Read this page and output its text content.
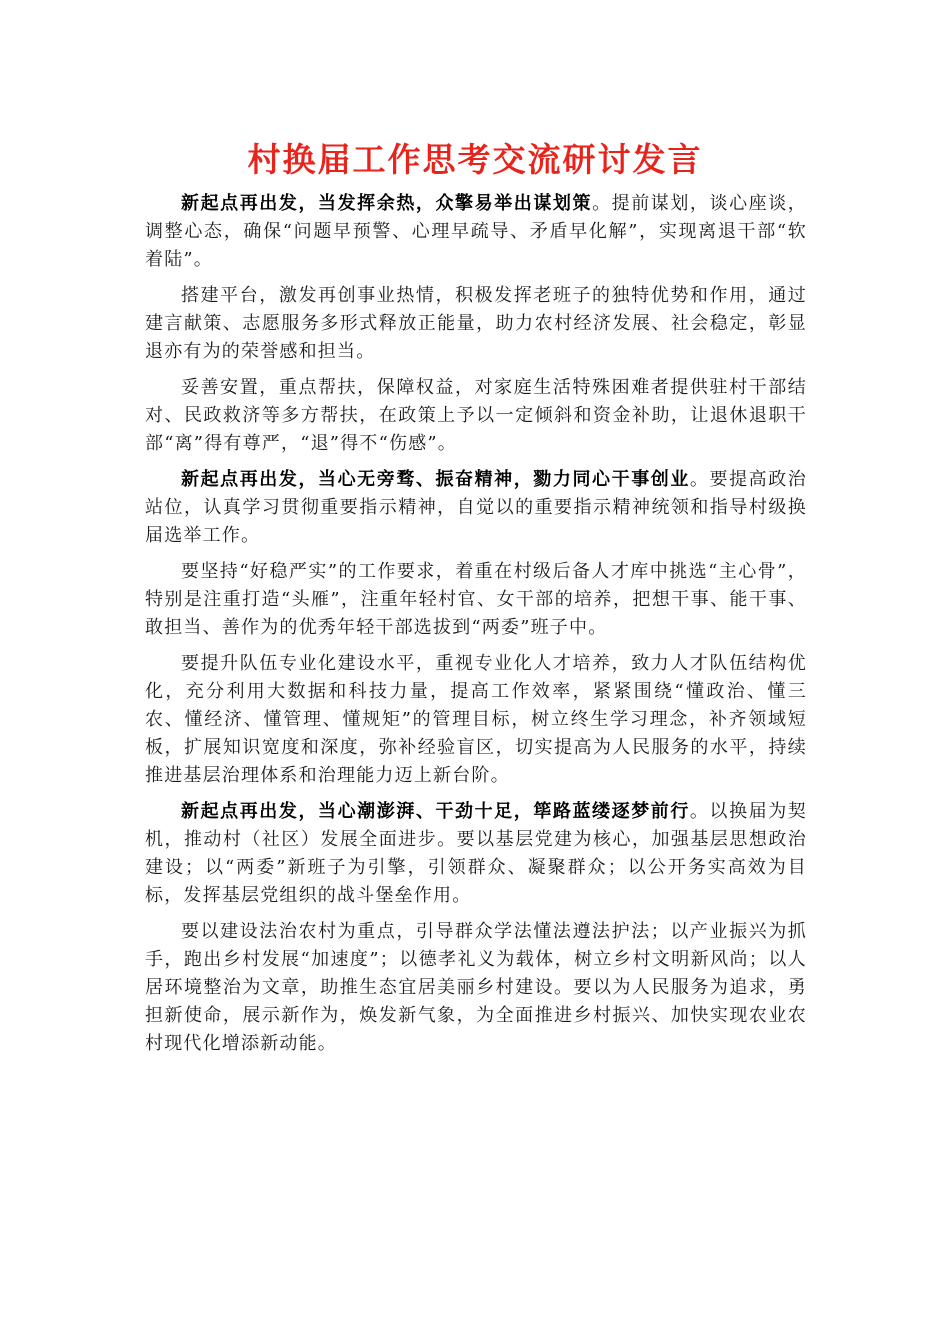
村换届工作思考交流研讨发言

新起点再出发，当发挥余热，众擎易举出谋划策。提前谋划，谈心座谈，调整心态，确保“问题早预警、心理早疏导、矛盾早化解”，实现离退干部“软着陆”。

搭建平台，激发再创事业热情，积极发挥老班子的独特优势和作用，通过建言献策、志愿服务多形式释放正能量，助力农村经济发展、社会稳定，彰显退亦有为的荣誉感和担当。

妥善安置，重点帮扶，保障权益，对家庭生活特殊困难者提供驻村干部结对、民政救济等多方帮扶，在政策上予以一定倾斜和资金补助，让退休退职干部“离”得有尊严，“退”得不“伤感”。

新起点再出发，当心无旁骛、振奋精神，勠力同心干事创业。要提高政治站位，认真学习贯彻重要指示精神，自觉以的重要指示精神统领和指导村级换届选举工作。

要坚持“好稳严实”的工作要求，着重在村级后备人才库中挑选“主心骨”，特别是注重打造“头雁”，注重年轻村官、女干部的培养，把想干事、能干事、敢担当、善作为的优秀年轻干部选拔到“两委”班子中。

要提升队伍专业化建设水平，重视专业化人才培养，致力人才队伍结构优化，充分利用大数据和科技力量，提高工作效率，紧紧围绕“懂政治、懂三农、懂经济、懂管理、懂规矩”的管理目标，树立终生学习理念，补齐领域短板，扩展知识宽度和深度，弥补经验盲区，切实提高为人民服务的水平，持续推进基层治理体系和治理能力迈上新台阶。

新起点再出发，当心潮澎湃、干劲十足，筚路蓝缕逐梦前行。以换届为契机，推动村（社区）发展全面进步。要以基层党建为核心，加强基层思想政治建设；以“两委”新班子为引擎，引领群众、凝聚群众；以公开务实高效为目标，发挥基层党组织的战斗堡垒作用。

要以建设法治农村为重点，引导群众学法懂法遵法护法；以产业振兴为抓手，跑出乡村发展“加速度”；以德孝礼义为载体，树立乡村文明新风尚；以人居环境整治为文章，助推生态宜居美丽乡村建设。要以为人民服务为追求，勇担新使命，展示新作为，焕发新气象，为全面推进乡村振兴、加快实现农业农村现代化增添新动能。
